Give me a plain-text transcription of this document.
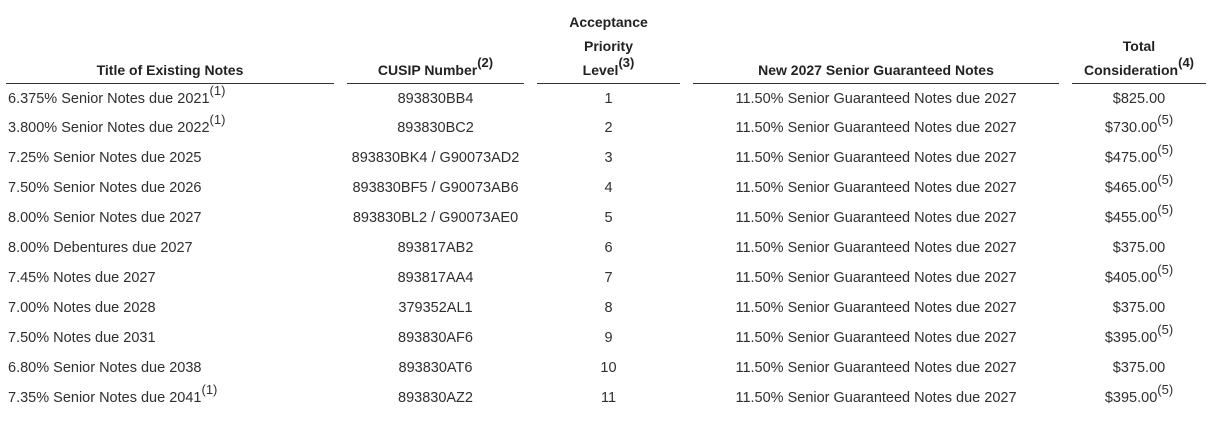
Title of Existing Notes		CUSIP Number$^{(2)}$		Acceptance
Priority
Level$^{(3)}$		New 2027 Senior Guaranteed Notes		Total
Consideration$^{(4)}$
6.375% Senior Notes due 2021$^{(1)}$		893830BB4		1		11.50% Senior Guaranteed Notes due 2027		$825.00
3.800% Senior Notes due 2022$^{(1)}$		893830BC2		2		11.50% Senior Guaranteed Notes due 2027		$730.00$^{(5)}$
7.25% Senior Notes due 2025		893830BK4 / G90073AD2		3		11.50% Senior Guaranteed Notes due 2027		$475.00$^{(5)}$
7.50% Senior Notes due 2026		893830BF5 / G90073AB6		4		11.50% Senior Guaranteed Notes due 2027		$465.00$^{(5)}$
8.00% Senior Notes due 2027		893830BL2 / G90073AE0		5		11.50% Senior Guaranteed Notes due 2027		$455.00$^{(5)}$
8.00% Debentures due 2027		893817AB2		6		11.50% Senior Guaranteed Notes due 2027		$375.00
7.45% Notes due 2027		893817AA4		7		11.50% Senior Guaranteed Notes due 2027		$405.00$^{(5)}$
7.00% Notes due 2028		379352AL1		8		11.50% Senior Guaranteed Notes due 2027		$375.00
7.50% Notes due 2031		893830AF6		9		11.50% Senior Guaranteed Notes due 2027		$395.00$^{(5)}$
6.80% Senior Notes due 2038		893830AT6		10		11.50% Senior Guaranteed Notes due 2027		$375.00
7.35% Senior Notes due 2041$^{(1)}$		893830AZ2		11		11.50% Senior Guaranteed Notes due 2027		$395.00$^{(5)}$
